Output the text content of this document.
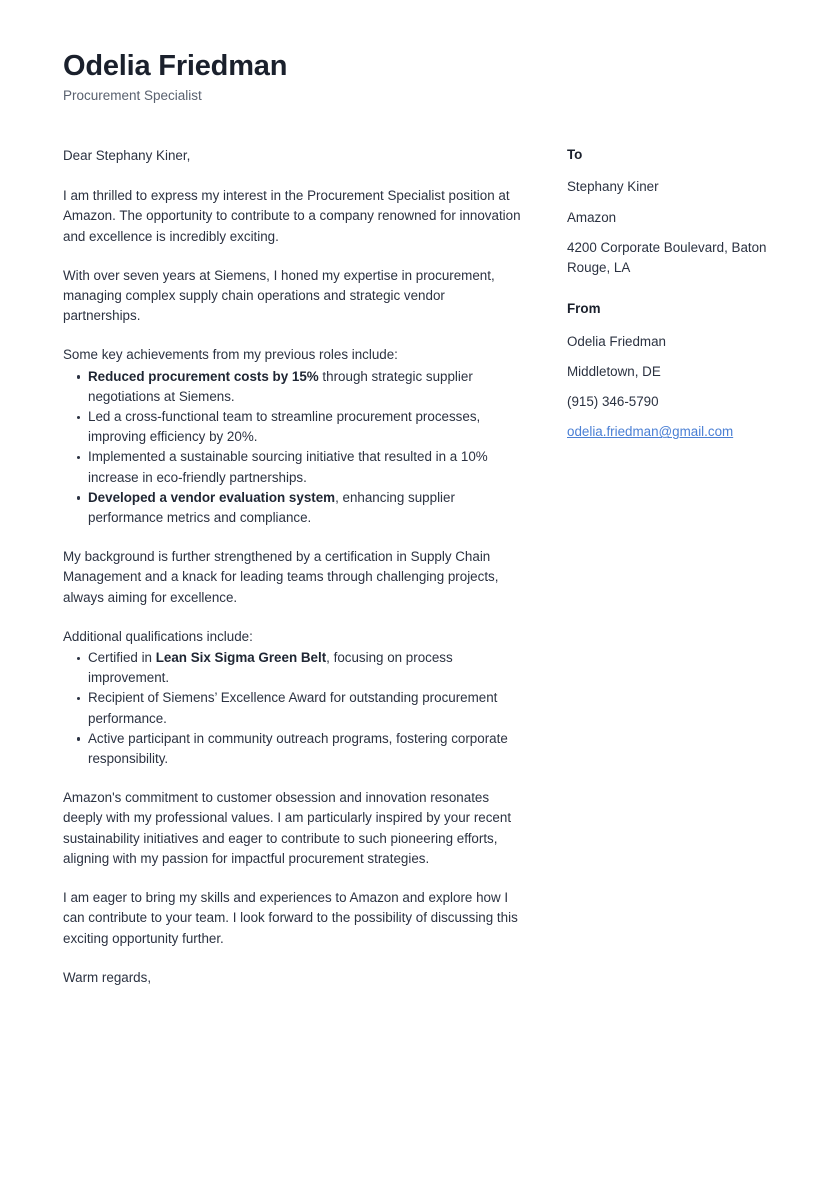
Odelia Friedman
Procurement Specialist

Dear Stephany Kiner,

I am thrilled to express my interest in the Procurement Specialist position at Amazon. The opportunity to contribute to a company renowned for innovation and excellence is incredibly exciting.

With over seven years at Siemens, I honed my expertise in procurement, managing complex supply chain operations and strategic vendor partnerships.

Some key achievements from my previous roles include:

Reduced procurement costs by 15% through strategic supplier negotiations at Siemens.
Led a cross-functional team to streamline procurement processes, improving efficiency by 20%.
Implemented a sustainable sourcing initiative that resulted in a 10% increase in eco-friendly partnerships.
Developed a vendor evaluation system, enhancing supplier performance metrics and compliance.

My background is further strengthened by a certification in Supply Chain Management and a knack for leading teams through challenging projects, always aiming for excellence.

Additional qualifications include:

Certified in Lean Six Sigma Green Belt, focusing on process improvement.
Recipient of Siemens’ Excellence Award for outstanding procurement performance.
Active participant in community outreach programs, fostering corporate responsibility.

Amazon's commitment to customer obsession and innovation resonates deeply with my professional values. I am particularly inspired by your recent sustainability initiatives and eager to contribute to such pioneering efforts, aligning with my passion for impactful procurement strategies.

I am eager to bring my skills and experiences to Amazon and explore how I can contribute to your team. I look forward to the possibility of discussing this exciting opportunity further.

Warm regards,

To
Stephany Kiner
Amazon
4200 Corporate Boulevard, Baton Rouge, LA
From
Odelia Friedman
Middletown, DE
(915) 346-5790
odelia.friedman@gmail.com
